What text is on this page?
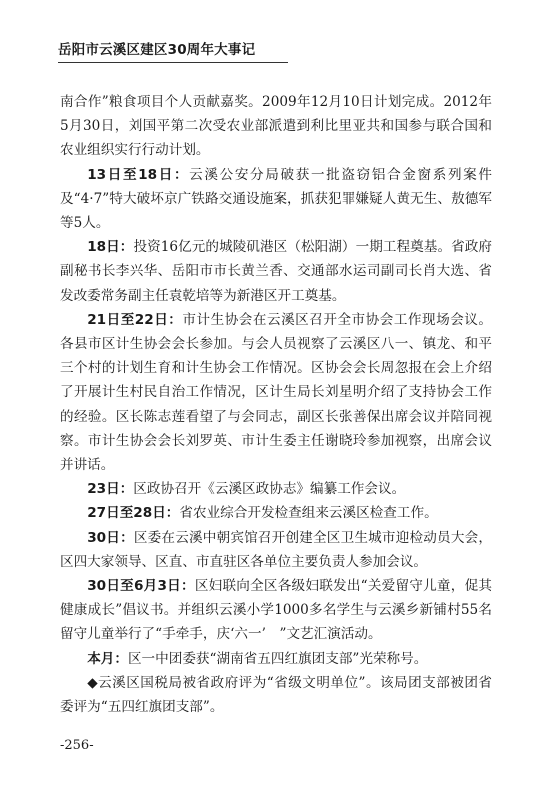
岳阳市云溪区建区30周年大事记

南合作”粮食项目个人贡献嘉奖。2009年12月10日计划完成。2012年5月30日，刘国平第二次受农业部派遣到利比里亚共和国参与联合国和农业组织实行行动计划。

13日至18日：云溪公安分局破获一批盗窃铝合金窗系列案件及“4·7”特大破坏京广铁路交通设施案，抓获犯罪嫌疑人黄无生、敖德军等5人。

18日：投资16亿元的城陵矶港区（松阳湖）一期工程奠基。省政府副秘书长李兴华、岳阳市市长黄兰香、交通部水运司副司长肖大选、省发改委常务副主任袁乾培等为新港区开工奠基。

21日至22日：市计生协会在云溪区召开全市协会工作现场会议。各县市区计生协会会长参加。与会人员视察了云溪区八一、镇龙、和平三个村的计划生育和计生协会工作情况。区协会会长周忽报在会上介绍了开展计生村民自治工作情况，区计生局长刘星明介绍了支持协会工作的经验。区长陈志莲看望了与会同志，副区长张善保出席会议并陪同视察。市计生协会会长刘罗英、市计生委主任谢晓玲参加视察，出席会议并讲话。

23日：区政协召开《云溪区政协志》编纂工作会议。

27日至28日：省农业综合开发检查组来云溪区检查工作。

30日：区委在云溪中朝宾馆召开创建全区卫生城市迎检动员大会，区四大家领导、区直、市直驻区各单位主要负责人参加会议。

30日至6月3日：区妇联向全区各级妇联发出“关爱留守儿童，促其健康成长”倡议书。并组织云溪小学1000多名学生与云溪乡新铺村55名留守儿童举行了“手牵手，庆‘六一’　”文艺汇演活动。

本月：区一中团委获“湖南省五四红旗团支部”光荣称号。

◆云溪区国税局被省政府评为“省级文明单位”。该局团支部被团省委评为“五四红旗团支部”。

-256-
